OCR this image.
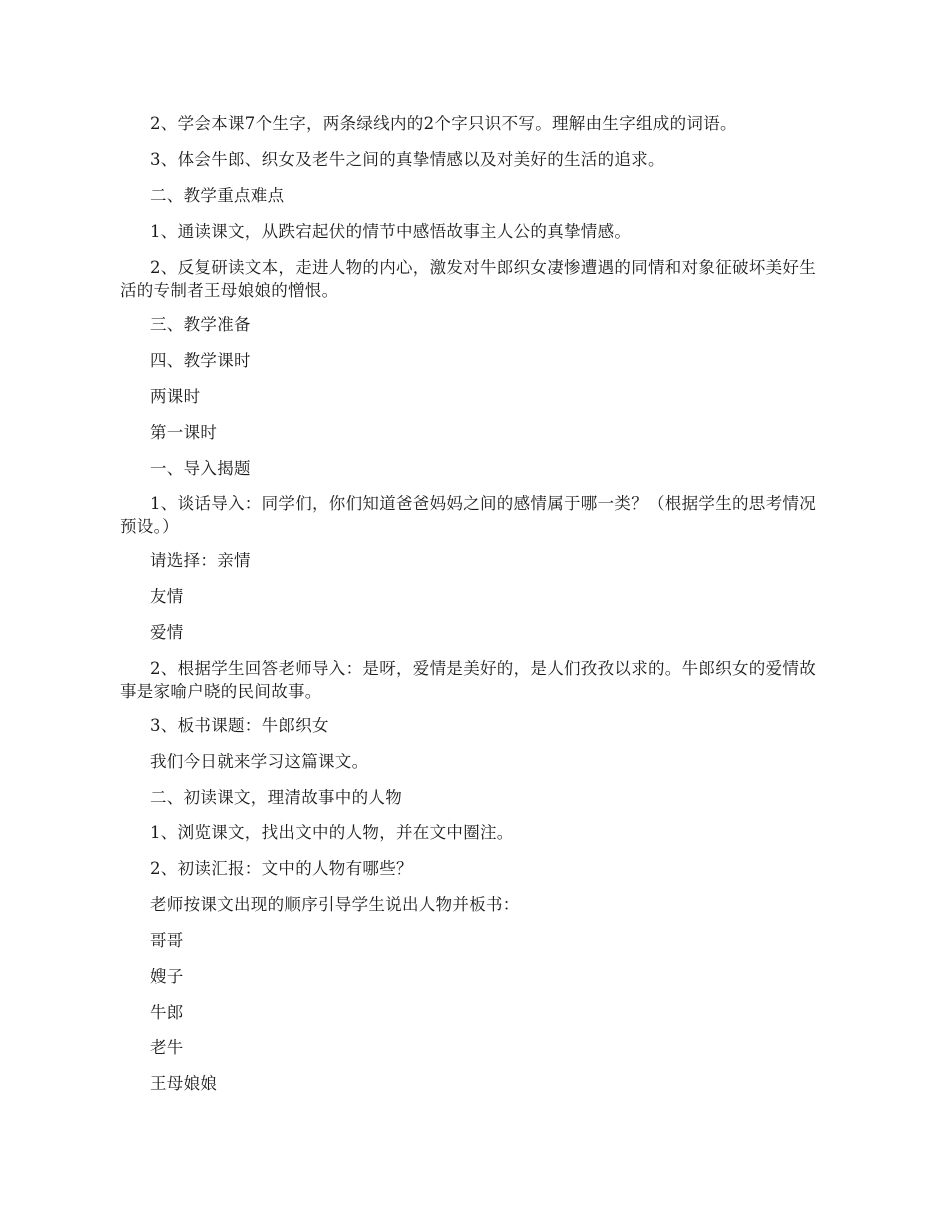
2、学会本课7个生字，两条绿线内的2个字只识不写。理解由生字组成的词语。

3、体会牛郎、织女及老牛之间的真挚情感以及对美好的生活的追求。

二、教学重点难点

1、通读课文，从跌宕起伏的情节中感悟故事主人公的真挚情感。

2、反复研读文本，走进人物的内心，激发对牛郎织女凄惨遭遇的同情和对象征破坏美好生活的专制者王母娘娘的憎恨。

三、教学准备

四、教学课时

两课时

第一课时

一、导入揭题

1、谈话导入：同学们，你们知道爸爸妈妈之间的感情属于哪一类？（根据学生的思考情况预设。）

请选择：亲情

友情

爱情

2、根据学生回答老师导入：是呀，爱情是美好的，是人们孜孜以求的。牛郎织女的爱情故事是家喻户晓的民间故事。

3、板书课题：牛郎织女

我们今日就来学习这篇课文。

二、初读课文，理清故事中的人物

1、浏览课文，找出文中的人物，并在文中圈注。

2、初读汇报：文中的人物有哪些？

老师按课文出现的顺序引导学生说出人物并板书：

哥哥

嫂子

牛郎

老牛

王母娘娘
